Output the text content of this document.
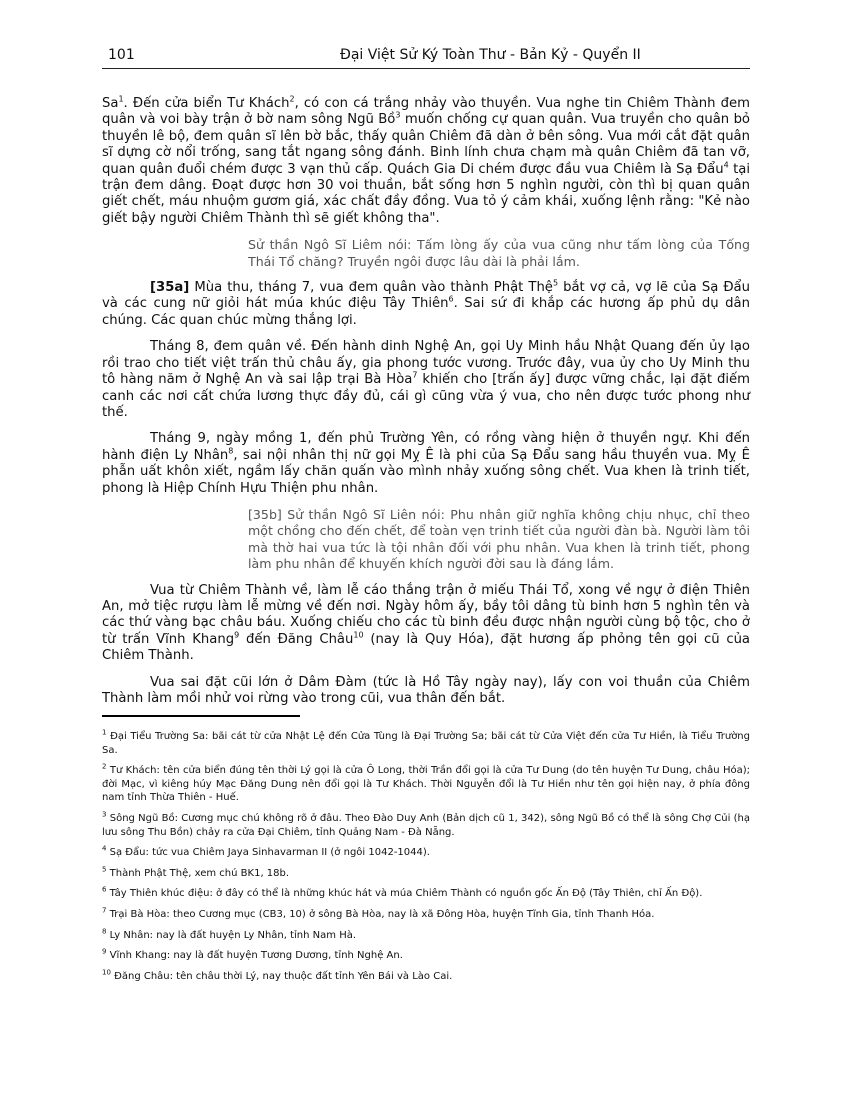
101	Đại Việt Sử Ký Toàn Thư - Bản Kỷ - Quyển II

Sa$^1$. Đến cửa biển Tư Khách$^2$, có con cá trắng nhảy vào thuyền. Vua nghe tin Chiêm Thành đem quân và voi bày trận ở bờ nam sông Ngũ Bồ$^3$ muốn chống cự quan quân. Vua truyền cho quân bỏ thuyền lê bộ, đem quân sĩ lên bờ bắc, thấy quân Chiêm đã dàn ở bên sông. Vua mới cắt đặt quân sĩ dựng cờ nổi trống, sang tắt ngang sông đánh. Binh lính chưa chạm mà quân Chiêm đã tan vỡ, quan quân đuổi chém được 3 vạn thủ cấp. Quách Gia Di chém được đầu vua Chiêm là Sạ Đẩu$^4$ tại trận đem dâng. Đoạt được hơn 30 voi thuần, bắt sống hơn 5 nghìn người, còn thì bị quan quân giết chết, máu nhuộm gươm giá, xác chất đầy đồng. Vua tỏ ý cảm khái, xuống lệnh rằng: "Kẻ nào giết bậy người Chiêm Thành thì sẽ giết không tha".

Sử thần Ngô Sĩ Liêm nói: Tấm lòng ấy của vua cũng như tấm lòng của Tống Thái Tổ chăng? Truyền ngôi được lâu dài là phải lắm.

[35a] Mùa thu, tháng 7, vua đem quân vào thành Phật Thệ$^5$ bắt vợ cả, vợ lẽ của Sạ Đẩu và các cung nữ giỏi hát múa khúc điệu Tây Thiên$^6$. Sai sứ đi khắp các hương ấp phủ dụ dân chúng. Các quan chúc mừng thắng lợi.

Tháng 8, đem quân về. Đến hành dinh Nghệ An, gọi Uy Minh hầu Nhật Quang đến ủy lạo rồi trao cho tiết việt trấn thủ châu ấy, gia phong tước vương. Trước đây, vua ủy cho Uy Minh thu tô hàng năm ở Nghệ An và sai lập trại Bà Hòa$^7$ khiến cho [trấn ấy] được vững chắc, lại đặt điếm canh các nơi cất chứa lương thực đầy đủ, cái gì cũng vừa ý vua, cho nên được tước phong như thế.

Tháng 9, ngày mồng 1, đến phủ Trường Yên, có rồng vàng hiện ở thuyền ngự. Khi đến hành điện Ly Nhân$^8$, sai nội nhân thị nữ gọi Mỵ Ê là phi của Sạ Đẩu sang hầu thuyền vua. Mỵ Ê phẫn uất khôn xiết, ngầm lấy chăn quấn vào mình nhảy xuống sông chết. Vua khen là trinh tiết, phong là Hiệp Chính Hựu Thiện phu nhân.

[35b] Sử thần Ngô Sĩ Liên nói: Phu nhân giữ nghĩa không chịu nhục, chỉ theo một chồng cho đến chết, để toàn vẹn trinh tiết của người đàn bà. Người làm tôi mà thờ hai vua tức là tội nhân đối với phu nhân. Vua khen là trinh tiết, phong làm phu nhân để khuyến khích người đời sau là đáng lắm.

Vua từ Chiêm Thành về, làm lễ cáo thắng trận ở miếu Thái Tổ, xong về ngự ở điện Thiên An, mở tiệc rượu làm lễ mừng về đến nơi. Ngày hôm ấy, bầy tôi dâng tù binh hơn 5 nghìn tên và các thứ vàng bạc châu báu. Xuống chiếu cho các tù binh đều được nhận người cùng bộ tộc, cho ở từ trấn Vĩnh Khang$^9$ đến Đăng Châu$^{10}$ (nay là Quy Hóa), đặt hương ấp phỏng tên gọi cũ của Chiêm Thành.

Vua sai đặt cũi lớn ở Dâm Đàm (tức là Hồ Tây ngày nay), lấy con voi thuần của Chiêm Thành làm mồi nhử voi rừng vào trong cũi, vua thân đến bắt.

$^1$ Đại Tiểu Trường Sa: bãi cát từ cửa Nhật Lệ đến Cửa Tùng là Đại Trường Sa; bãi cát từ Cửa Việt đến cửa Tư Hiền, là Tiểu Trường Sa.

$^2$ Tư Khách: tên cửa biển đúng tên thời Lý gọi là cửa Ô Long, thời Trần đổi gọi là cửa Tư Dung (do tên huyện Tư Dung, châu Hóa); đời Mạc, vì kiêng húy Mạc Đăng Dung nên đổi gọi là Tư Khách. Thời Nguyễn đổi là Tư Hiền như tên gọi hiện nay, ở phía đông nam tỉnh Thừa Thiên - Huế.

$^3$ Sông Ngũ Bồ: Cương mục chú không rõ ở đâu. Theo Đào Duy Anh (Bản dịch cũ 1, 342), sông Ngũ Bồ có thể là sông Chợ Củi (hạ lưu sông Thu Bồn) chảy ra cửa Đại Chiêm, tỉnh Quảng Nam - Đà Nẵng.

$^4$ Sạ Đẩu: tức vua Chiêm Jaya Sinhavarman II (ở ngôi 1042-1044).

$^5$ Thành Phật Thệ, xem chú BK1, 18b.

$^6$ Tây Thiên khúc điệu: ở đây có thể là những khúc hát và múa Chiêm Thành có nguồn gốc Ấn Độ (Tây Thiên, chỉ Ấn Độ).

$^7$ Trại Bà Hòa: theo Cương mục (CB3, 10) ở sông Bà Hòa, nay là xã Đông Hòa, huyện Tĩnh Gia, tỉnh Thanh Hóa.

$^8$ Ly Nhân: nay là đất huyện Ly Nhân, tỉnh Nam Hà.

$^9$ Vĩnh Khang: nay là đất huyện Tương Dương, tỉnh Nghệ An.

$^{10}$ Đăng Châu: tên châu thời Lý, nay thuộc đất tỉnh Yên Bái và Lào Cai.
